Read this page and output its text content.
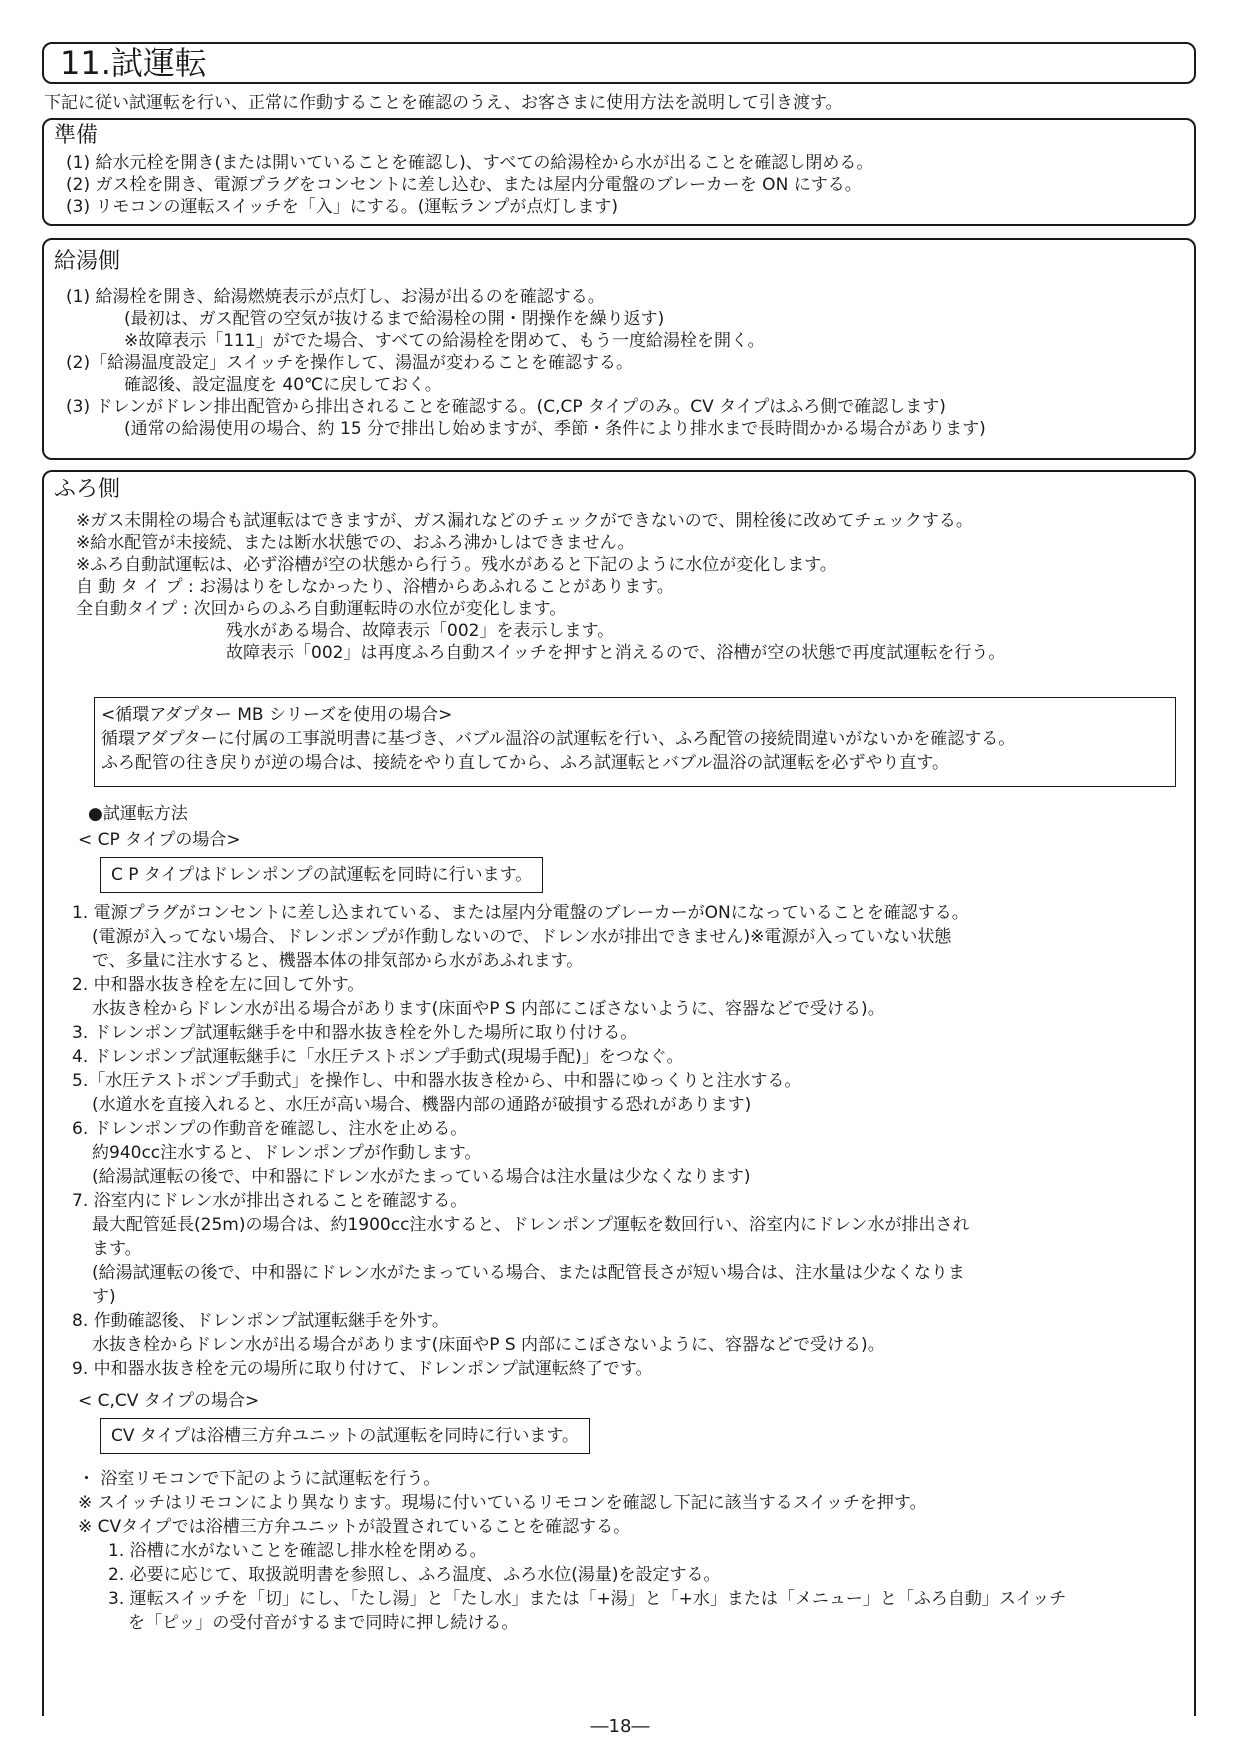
11.試運転
下記に従い試運転を行い、正常に作動することを確認のうえ、お客さまに使用方法を説明して引き渡す。
準備
(1) 給水元栓を開き(または開いていることを確認し)、すべての給湯栓から水が出ることを確認し閉める。
(2) ガス栓を開き、電源プラグをコンセントに差し込む、または屋内分電盤のブレーカーを ON にする。
(3) リモコンの運転スイッチを「入」にする。(運転ランプが点灯します)
給湯側
(1) 給湯栓を開き、給湯燃焼表示が点灯し、お湯が出るのを確認する。
(最初は、ガス配管の空気が抜けるまで給湯栓の開・閉操作を繰り返す)
※故障表示「111」がでた場合、すべての給湯栓を閉めて、もう一度給湯栓を開く。
(2)「給湯温度設定」スイッチを操作して、湯温が変わることを確認する。
確認後、設定温度を 40℃に戻しておく。
(3) ドレンがドレン排出配管から排出されることを確認する。(C,CP タイプのみ。CV タイプはふろ側で確認します)
(通常の給湯使用の場合、約 15 分で排出し始めますが、季節・条件により排水まで長時間かかる場合があります)
ふろ側
※ガス未開栓の場合も試運転はできますが、ガス漏れなどのチェックができないので、開栓後に改めてチェックする。
※給水配管が未接続、または断水状態での、おふろ沸かしはできません。
※ふろ自動試運転は、必ず浴槽が空の状態から行う。残水があると下記のように水位が変化します。
自 動 タ イ プ : お湯はりをしなかったり、浴槽からあふれることがあります。
全自動タイプ : 次回からのふろ自動運転時の水位が変化します。
残水がある場合、故障表示「002」を表示します。
故障表示「002」は再度ふろ自動スイッチを押すと消えるので、浴槽が空の状態で再度試運転を行う。
<循環アダプター MB シリーズを使用の場合>
循環アダプターに付属の工事説明書に基づき、バブル温浴の試運転を行い、ふろ配管の接続間違いがないかを確認する。
ふろ配管の往き戻りが逆の場合は、接続をやり直してから、ふろ試運転とバブル温浴の試運転を必ずやり直す。
●試運転方法
< CP タイプの場合>
C P タイプはドレンポンプの試運転を同時に行います。
1. 電源プラグがコンセントに差し込まれている、または屋内分電盤のブレーカーがONになっていることを確認する。
(電源が入ってない場合、ドレンポンプが作動しないので、ドレン水が排出できません)※電源が入っていない状態
で、多量に注水すると、機器本体の排気部から水があふれます。
2. 中和器水抜き栓を左に回して外す。
水抜き栓からドレン水が出る場合があります(床面やP S 内部にこぼさないように、容器などで受ける)。
3. ドレンポンプ試運転継手を中和器水抜き栓を外した場所に取り付ける。
4. ドレンポンプ試運転継手に「水圧テストポンプ手動式(現場手配)」をつなぐ。
5.「水圧テストポンプ手動式」を操作し、中和器水抜き栓から、中和器にゆっくりと注水する。
(水道水を直接入れると、水圧が高い場合、機器内部の通路が破損する恐れがあります)
6. ドレンポンプの作動音を確認し、注水を止める。
約940cc注水すると、ドレンポンプが作動します。
(給湯試運転の後で、中和器にドレン水がたまっている場合は注水量は少なくなります)
7. 浴室内にドレン水が排出されることを確認する。
最大配管延長(25m)の場合は、約1900cc注水すると、ドレンポンプ運転を数回行い、浴室内にドレン水が排出され
ます。
(給湯試運転の後で、中和器にドレン水がたまっている場合、または配管長さが短い場合は、注水量は少なくなりま
す)
8. 作動確認後、ドレンポンプ試運転継手を外す。
水抜き栓からドレン水が出る場合があります(床面やP S 内部にこぼさないように、容器などで受ける)。
9. 中和器水抜き栓を元の場所に取り付けて、ドレンポンプ試運転終了です。
< C,CV タイプの場合>
CV タイプは浴槽三方弁ユニットの試運転を同時に行います。
・ 浴室リモコンで下記のように試運転を行う。
※ スイッチはリモコンにより異なります。現場に付いているリモコンを確認し下記に該当するスイッチを押す。
※ CVタイプでは浴槽三方弁ユニットが設置されていることを確認する。
1. 浴槽に水がないことを確認し排水栓を閉める。
2. 必要に応じて、取扱説明書を参照し、ふろ温度、ふろ水位(湯量)を設定する。
3. 運転スイッチを「切」にし、「たし湯」と「たし水」または「+湯」と「+水」または「メニュー」と「ふろ自動」スイッチ
を「ピッ」の受付音がするまで同時に押し続ける。
―18―
